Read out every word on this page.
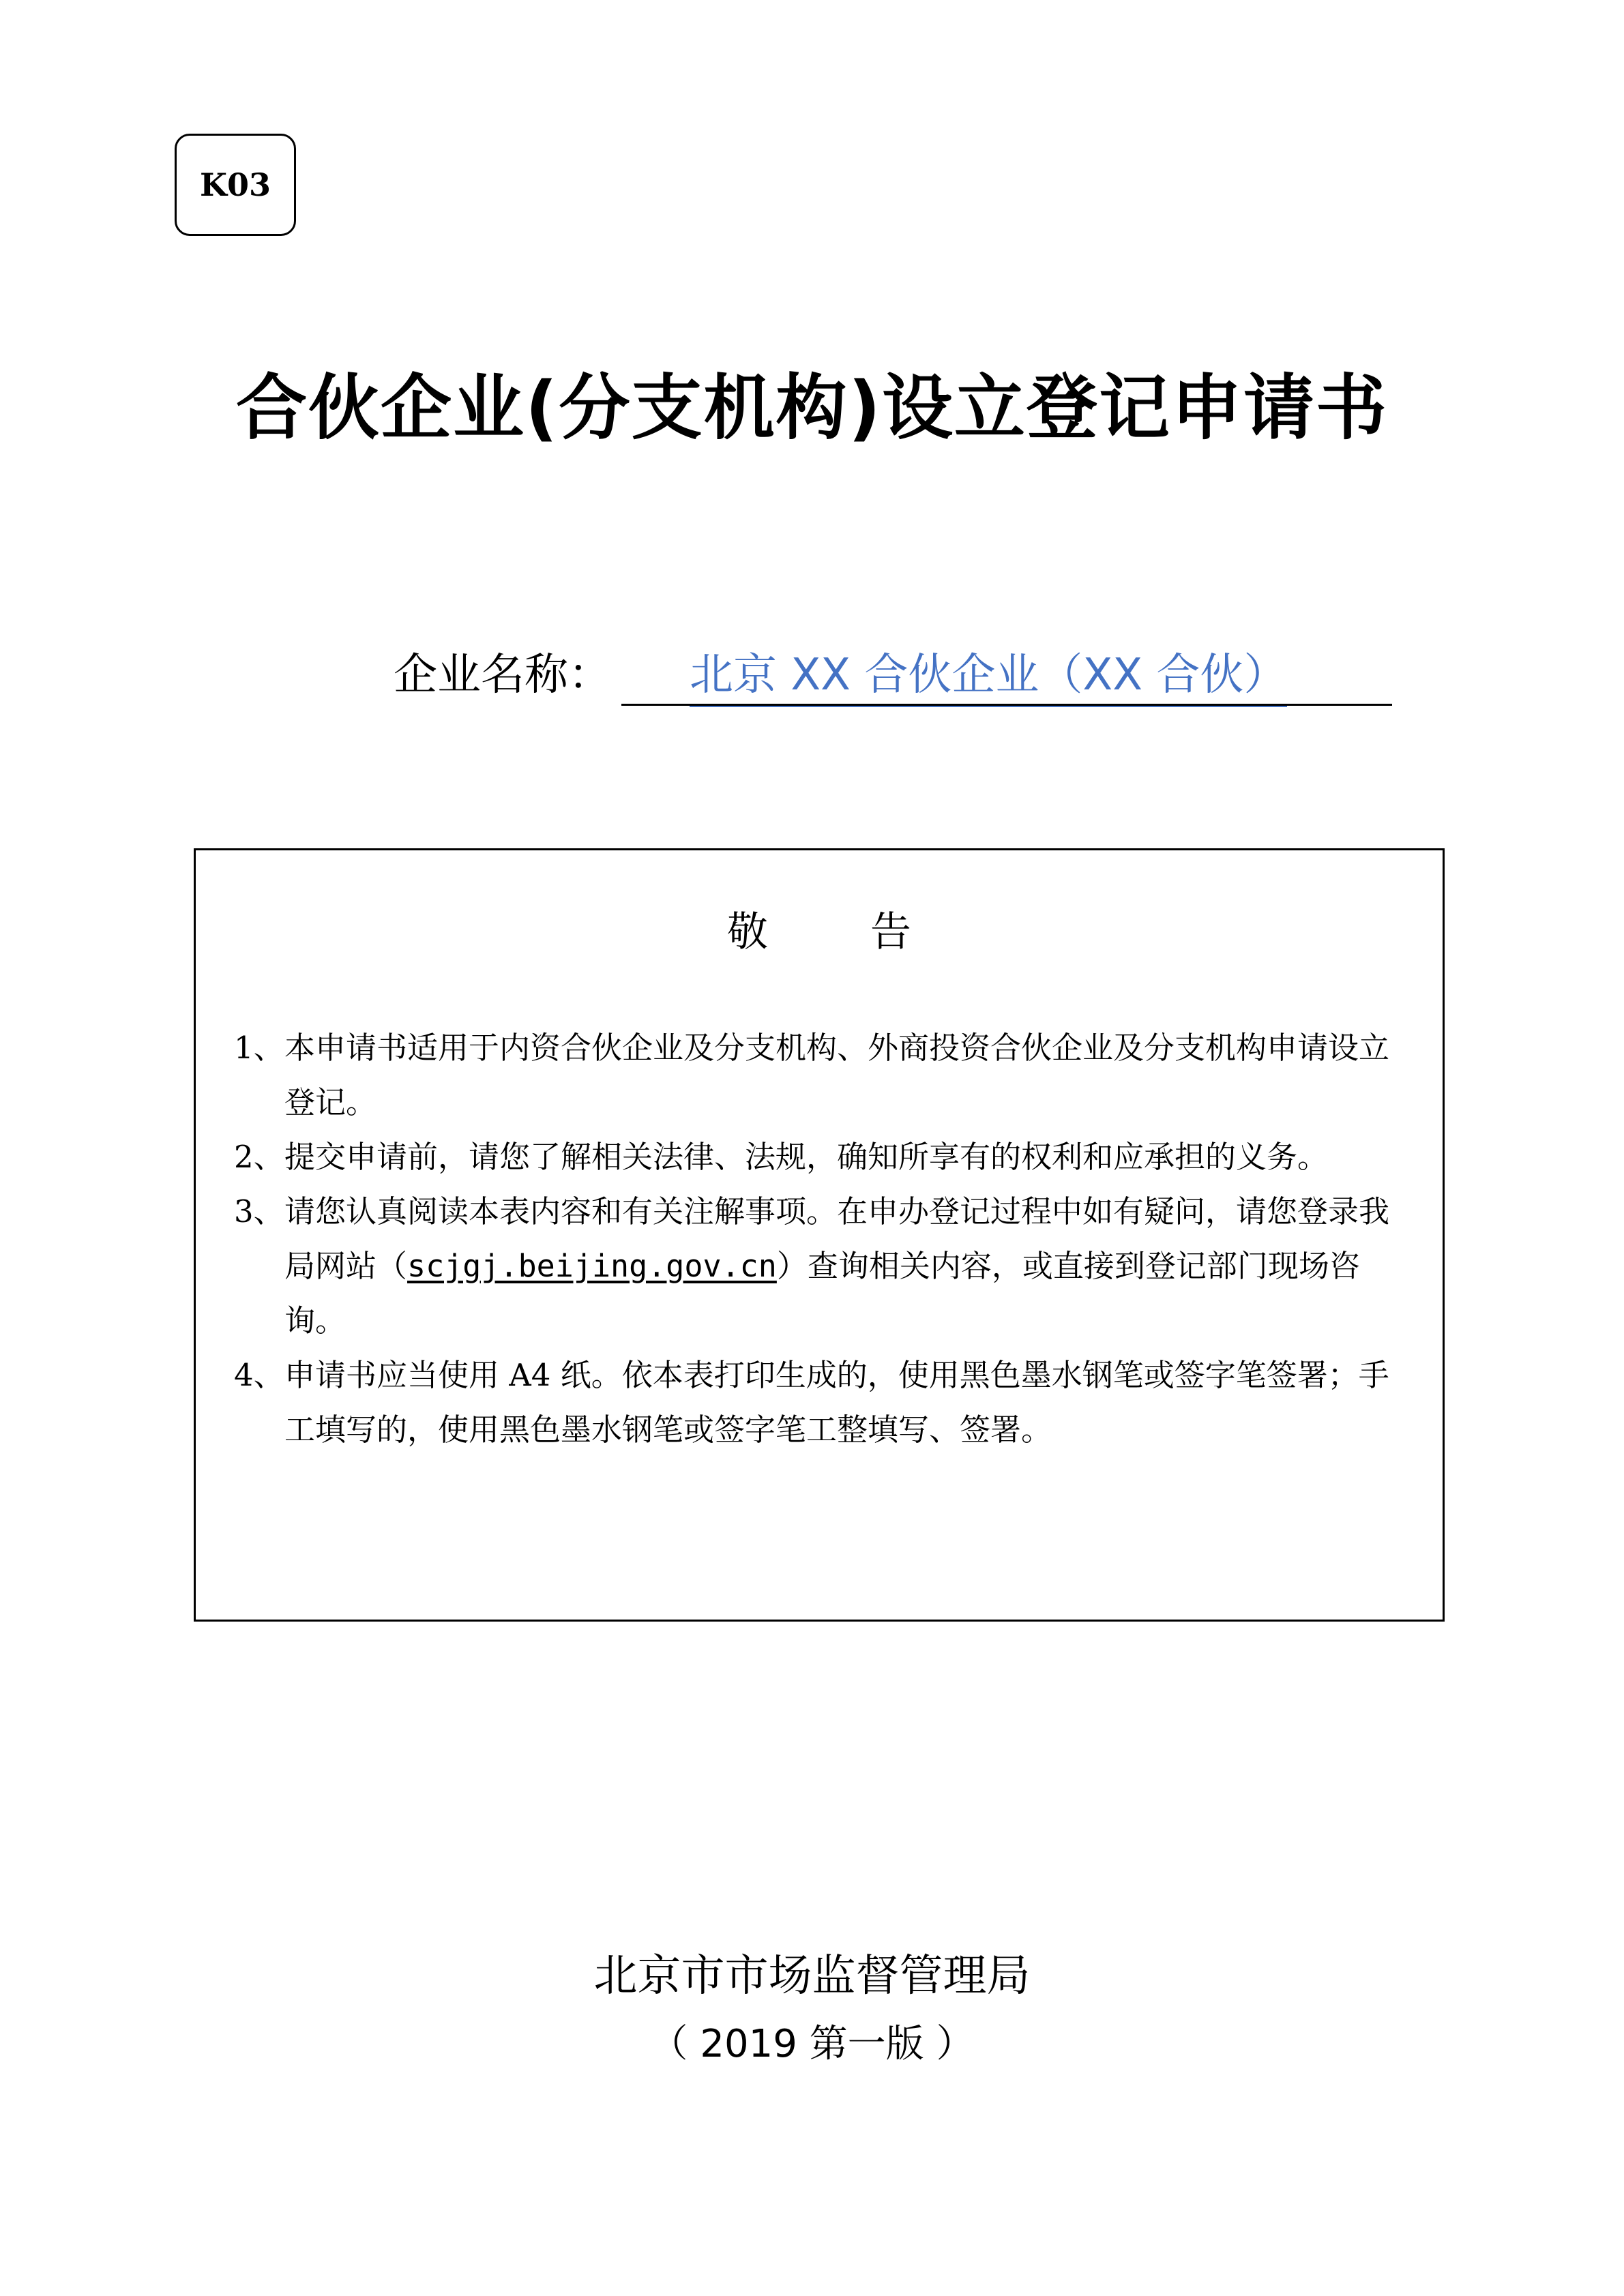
K03
合伙企业(分支机构)设立登记申请书
企业名称： 北京 XX 合伙企业（XX 合伙）
敬	告
1、 本申请书适用于内资合伙企业及分支机构、外商投资合伙企业及分支机构申请设立登记。
2、 提交申请前，请您了解相关法律、法规，确知所享有的权利和应承担的义务。
3、 请您认真阅读本表内容和有关注解事项。在申办登记过程中如有疑问，请您登录我局网站（scjgj.beijing.gov.cn）查询相关内容，或直接到登记部门现场咨询。
4、 申请书应当使用 A4 纸。依本表打印生成的，使用黑色墨水钢笔或签字笔签署；手工填写的，使用黑色墨水钢笔或签字笔工整填写、签署。
北京市市场监督管理局
（ 2019 第一版 ）
